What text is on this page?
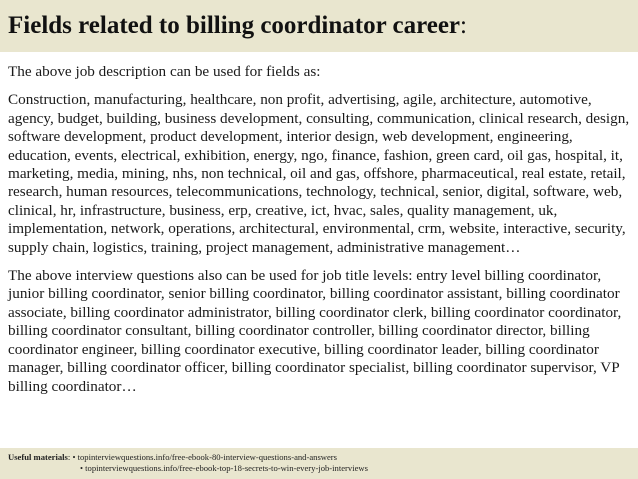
Fields related to billing coordinator career:

The above job description can be used for fields as:

Construction, manufacturing, healthcare, non profit, advertising, agile, architecture, automotive, agency, budget, building, business development, consulting, communication, clinical research, design, software development, product development, interior design, web development, engineering, education, events, electrical, exhibition, energy, ngo, finance, fashion, green card, oil gas, hospital, it, marketing, media, mining, nhs, non technical, oil and gas, offshore, pharmaceutical, real estate, retail, research, human resources, telecommunications, technology, technical, senior, digital, software, web, clinical, hr, infrastructure, business, erp, creative, ict, hvac, sales, quality management, uk, implementation, network, operations, architectural, environmental, crm, website, interactive, security, supply chain, logistics, training, project management, administrative management…

The above interview questions also can be used for job title levels: entry level billing coordinator, junior billing coordinator, senior billing coordinator, billing coordinator assistant, billing coordinator associate, billing coordinator administrator, billing coordinator clerk, billing coordinator coordinator, billing coordinator consultant, billing coordinator controller, billing coordinator director, billing coordinator engineer, billing coordinator executive, billing coordinator leader, billing coordinator manager, billing coordinator officer, billing coordinator specialist, billing coordinator supervisor, VP billing coordinator…

Useful materials: • topinterviewquestions.info/free-ebook-80-interview-questions-and-answers
• topinterviewquestions.info/free-ebook-top-18-secrets-to-win-every-job-interviews
